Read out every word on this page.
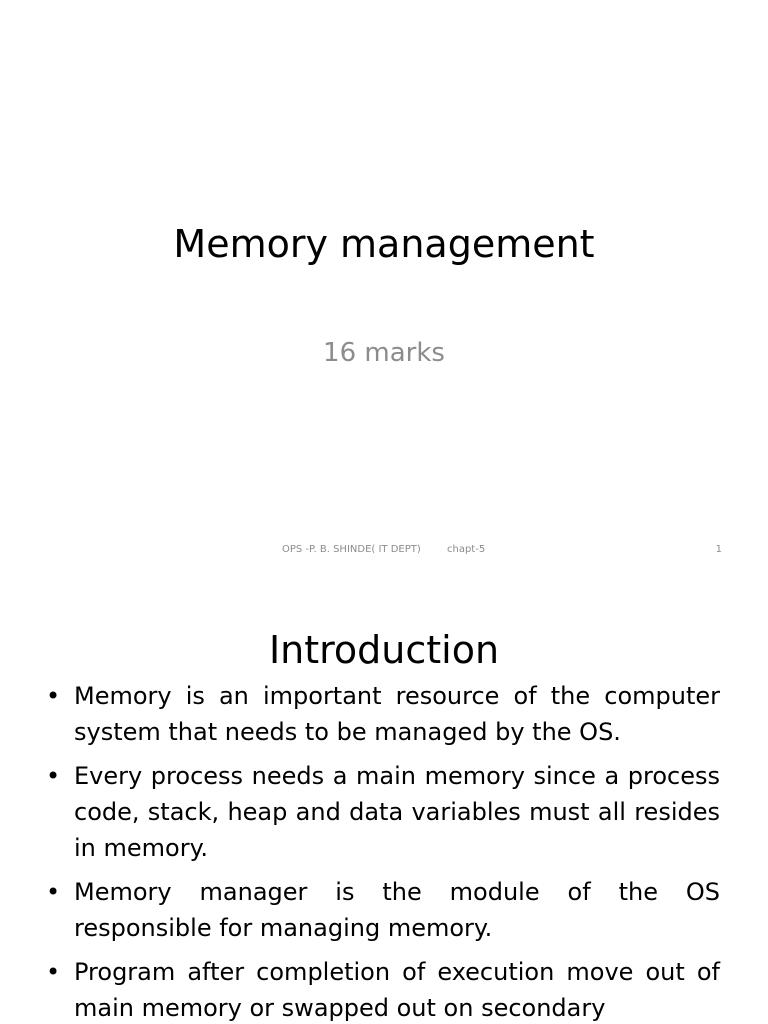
Memory management
16 marks
OPS -P. B. SHINDE( IT DEPT)	chapt-5	1
Introduction
• Memory is an important resource of the computer system that needs to be managed by the OS.
• Every process needs a main memory since a process code, stack, heap and data variables must all resides in memory.
• Memory manager is the module of the OS responsible for managing memory.
• Program after completion of execution move out of main memory or swapped out on secondary
